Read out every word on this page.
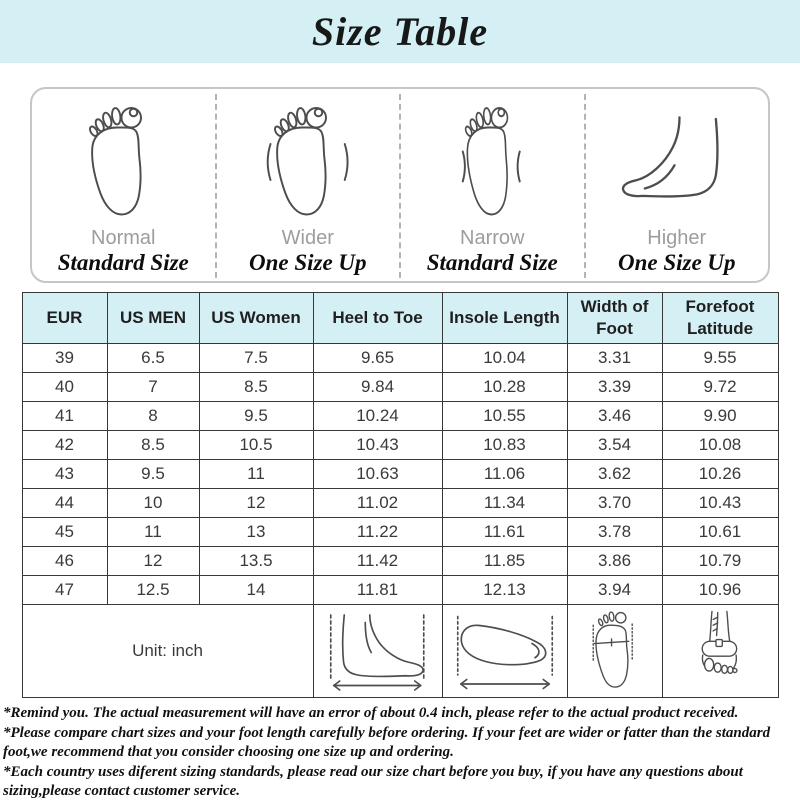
Size Table
Normal
Standard Size
Wider
One Size Up
Narrow
Standard Size
Higher
One Size Up
EUR	US MEN	US Women	Heel to Toe	Insole Length	Width of Foot	Forefoot Latitude
39	6.5	7.5	9.65	10.04	3.31	9.55
40	7	8.5	9.84	10.28	3.39	9.72
41	8	9.5	10.24	10.55	3.46	9.90
42	8.5	10.5	10.43	10.83	3.54	10.08
43	9.5	11	10.63	11.06	3.62	10.26
44	10	12	11.02	11.34	3.70	10.43
45	11	13	11.22	11.61	3.78	10.61
46	12	13.5	11.42	11.85	3.86	10.79
47	12.5	14	11.81	12.13	3.94	10.96
Unit: inch	

*Remind you. The actual measurement will have an error of about 0.4 inch, please refer to the actual product received.

*Please compare chart sizes and your foot length carefully before ordering. If your feet are wider or fatter than the standard foot,we recommend that you consider choosing one size up and ordering.

*Each country uses diferent sizing standards, please read our size chart before you buy, if you have any questions about sizing,please contact customer service.
